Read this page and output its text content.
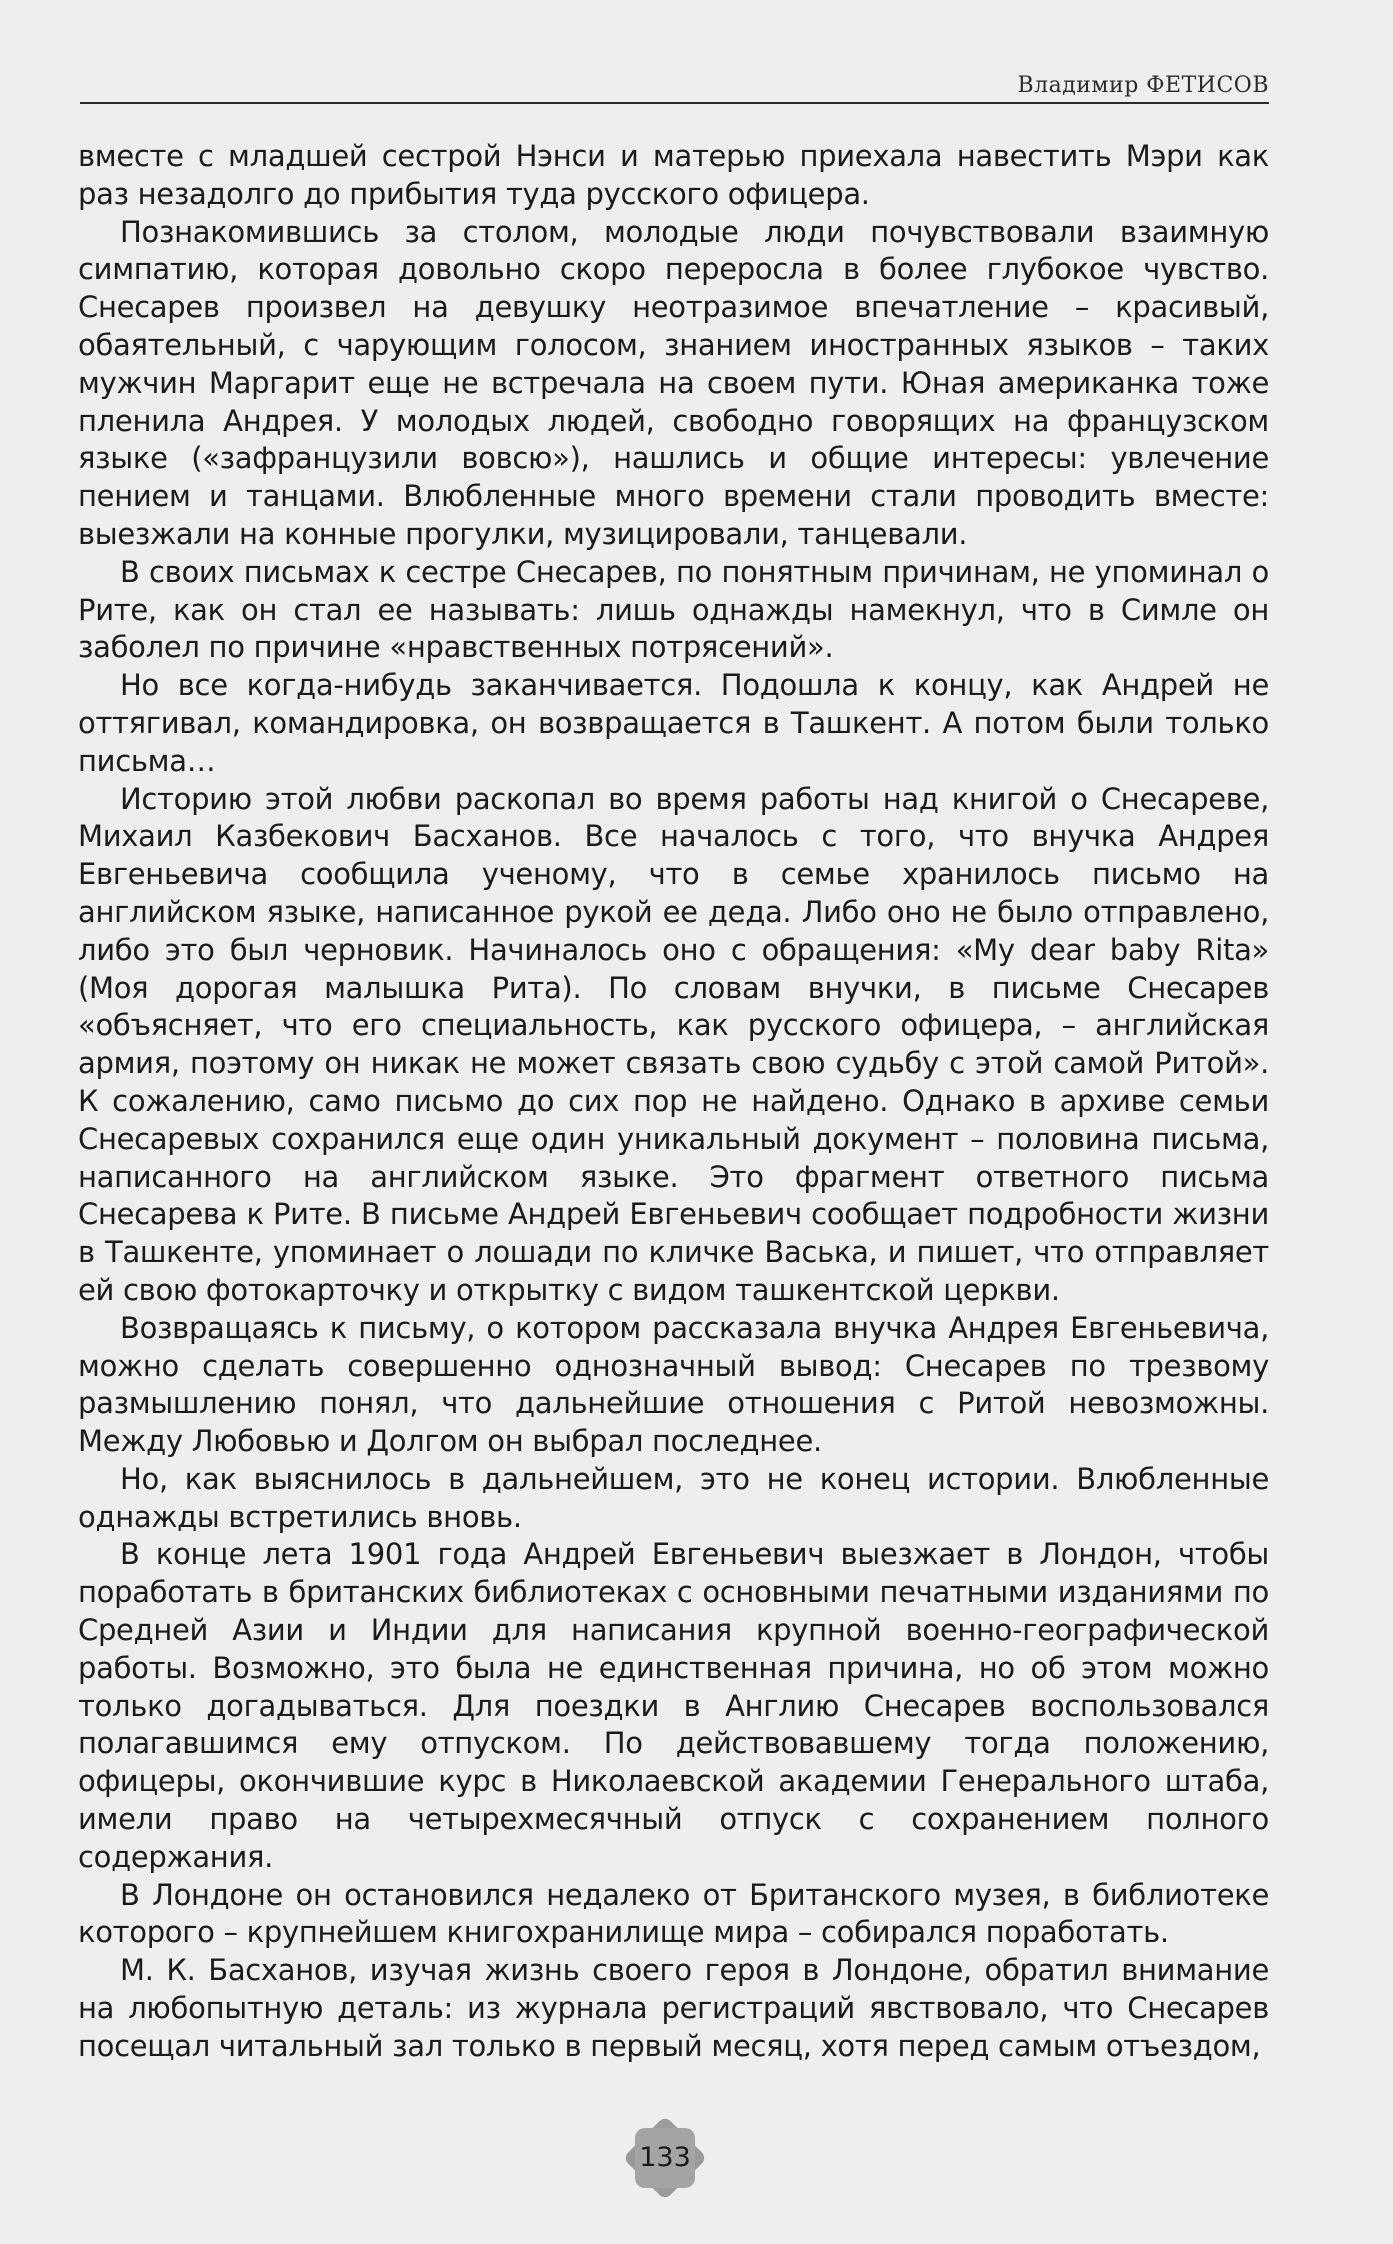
Владимир ФЕТИСОВ

вместе с младшей сестрой Нэнси и матерью приехала навестить Мэри как раз незадолго до прибытия туда русского офицера.

Познакомившись за столом, молодые люди почувствовали взаимную симпатию, которая довольно скоро переросла в более глубокое чувство. Снесарев произвел на девушку неотразимое впечатление – красивый, обаятельный, с чарующим голосом, знанием иностранных языков – таких мужчин Маргарит еще не встречала на своем пути. Юная американка тоже пленила Андрея. У молодых людей, свободно говорящих на французском языке («зафранцузили вовсю»), нашлись и общие интересы: увлечение пением и танцами. Влюбленные много времени стали проводить вместе: выезжали на конные прогулки, музицировали, танцевали.

В своих письмах к сестре Снесарев, по понятным причинам, не упоминал о Рите, как он стал ее называть: лишь однажды намекнул, что в Симле он заболел по причине «нравственных потрясений».

Но все когда-нибудь заканчивается. Подошла к концу, как Андрей не оттягивал, командировка, он возвращается в Ташкент. А потом были только письма…

Историю этой любви раскопал во время работы над книгой о Снесареве, Михаил Казбекович Басханов. Все началось с того, что внучка Андрея Евгеньевича сообщила ученому, что в семье хранилось письмо на английском языке, написанное рукой ее деда. Либо оно не было отправлено, либо это был черновик. Начиналось оно с обращения: «My dear baby Rita» (Моя дорогая малышка Рита). По словам внучки, в письме Снесарев «объясняет, что его специальность, как русского офицера, – английская армия, поэтому он никак не может связать свою судьбу с этой самой Ритой». К сожалению, само письмо до сих пор не найдено. Однако в архиве семьи Снесаревых сохранился еще один уникальный документ – половина письма, написанного на английском языке. Это фрагмент ответного письма Снесарева к Рите. В письме Андрей Евгеньевич сообщает подробности жизни в Ташкенте, упоминает о лошади по кличке Васька, и пишет, что отправляет ей свою фотокарточку и открытку с видом ташкентской церкви.

Возвращаясь к письму, о котором рассказала внучка Андрея Евгеньевича, можно сделать совершенно однозначный вывод: Снесарев по трезвому размышлению понял, что дальнейшие отношения с Ритой невозможны. Между Любовью и Долгом он выбрал последнее.

Но, как выяснилось в дальнейшем, это не конец истории. Влюбленные однажды встретились вновь.

В конце лета 1901 года Андрей Евгеньевич выезжает в Лондон, чтобы поработать в британских библиотеках с основными печатными изданиями по Средней Азии и Индии для написания крупной военно-географической работы. Возможно, это была не единственная причина, но об этом можно только догадываться. Для поездки в Англию Снесарев воспользовался полагавшимся ему отпуском. По действовавшему тогда положению, офицеры, окончившие курс в Николаевской академии Генерального штаба, имели право на четырехмесячный отпуск с сохранением полного содержания.

В Лондоне он остановился недалеко от Британского музея, в библиотеке которого – крупнейшем книгохранилище мира – собирался поработать.

М. К. Басханов, изучая жизнь своего героя в Лондоне, обратил внимание на любопытную деталь: из журнала регистраций явствовало, что Снесарев посещал читальный зал только в первый месяц, хотя перед самым отъездом,

133
